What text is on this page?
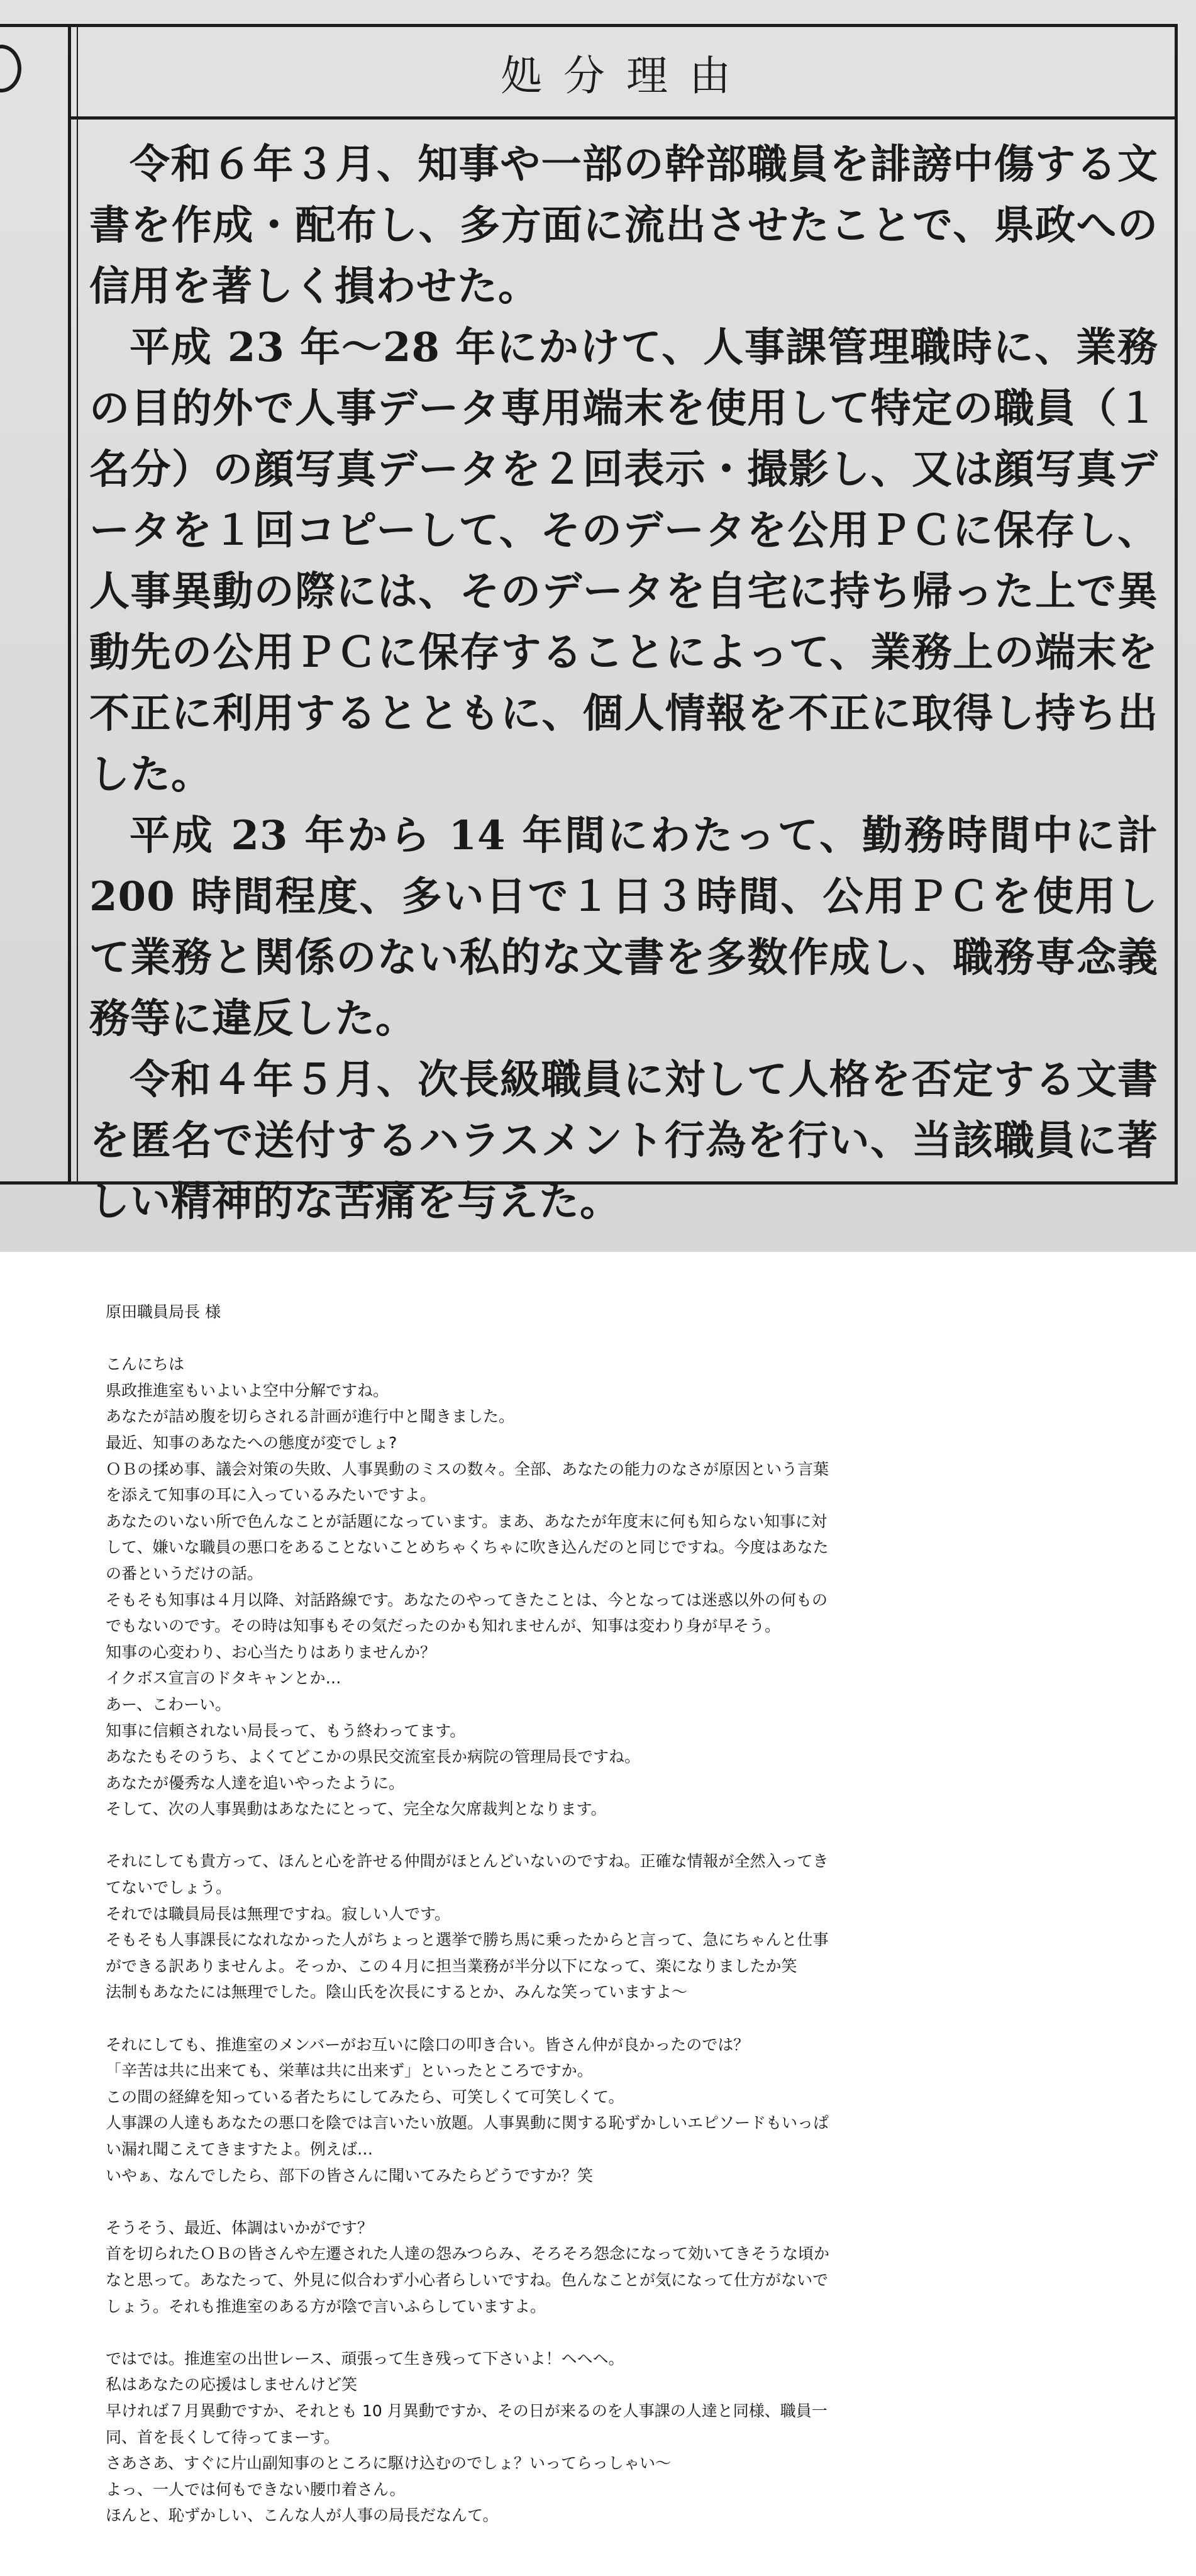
処分理由

令和６年３月、知事や一部の幹部職員を誹謗中傷する文書を作成・配布し、多方面に流出させたことで、県政への信用を著しく損わせた。

平成 23 年～28 年にかけて、人事課管理職時に、業務の目的外で人事データ専用端末を使用して特定の職員（１名分）の顔写真データを２回表示・撮影し、又は顔写真データを１回コピーして、そのデータを公用ＰＣに保存し、人事異動の際には、そのデータを自宅に持ち帰った上で異動先の公用ＰＣに保存することによって、業務上の端末を不正に利用するとともに、個人情報を不正に取得し持ち出した。

平成 23 年から 14 年間にわたって、勤務時間中に計 200 時間程度、多い日で１日３時間、公用ＰＣを使用して業務と関係のない私的な文書を多数作成し、職務専念義務等に違反した。

令和４年５月、次長級職員に対して人格を否定する文書を匿名で送付するハラスメント行為を行い、当該職員に著しい精神的な苦痛を与えた。

原田職員局長 様
こんにちは
県政推進室もいよいよ空中分解ですね。
あなたが詰め腹を切らされる計画が進行中と聞きました。
最近、知事のあなたへの態度が変でしょ?
ＯＢの揉め事、議会対策の失敗、人事異動のミスの数々。全部、あなたの能力のなさが原因という言葉
を添えて知事の耳に入っているみたいですよ。
あなたのいない所で色んなことが話題になっています。まあ、あなたが年度末に何も知らない知事に対
して、嫌いな職員の悪口をあることないことめちゃくちゃに吹き込んだのと同じですね。今度はあなた
の番というだけの話。
そもそも知事は４月以降、対話路線です。あなたのやってきたことは、今となっては迷惑以外の何もの
でもないのです。その時は知事もその気だったのかも知れませんが、知事は変わり身が早そう。
知事の心変わり、お心当たりはありませんか？
イクボス宣言のドタキャンとか…
あー、こわーい。
知事に信頼されない局長って、もう終わってます。
あなたもそのうち、よくてどこかの県民交流室長か病院の管理局長ですね。
あなたが優秀な人達を追いやったように。
そして、次の人事異動はあなたにとって、完全な欠席裁判となります。
それにしても貴方って、ほんと心を許せる仲間がほとんどいないのですね。正確な情報が全然入ってき
てないでしょう。
それでは職員局長は無理ですね。寂しい人です。
そもそも人事課長になれなかった人がちょっと選挙で勝ち馬に乗ったからと言って、急にちゃんと仕事
ができる訳ありませんよ。そっか、この４月に担当業務が半分以下になって、楽になりましたか笑
法制もあなたには無理でした。陰山氏を次長にするとか、みんな笑っていますよ〜
それにしても、推進室のメンバーがお互いに陰口の叩き合い。皆さん仲が良かったのでは？
「辛苦は共に出来ても、栄華は共に出来ず」といったところですか。
この間の経緯を知っている者たちにしてみたら、可笑しくて可笑しくて。
人事課の人達もあなたの悪口を陰では言いたい放題。人事異動に関する恥ずかしいエピソードもいっぱ
い漏れ聞こえてきますたよ。例えば…
いやぁ、なんでしたら、部下の皆さんに聞いてみたらどうですか？笑
そうそう、最近、体調はいかがです？
首を切られたＯＢの皆さんや左遷された人達の怨みつらみ、そろそろ怨念になって効いてきそうな頃か
なと思って。あなたって、外見に似合わず小心者らしいですね。色んなことが気になって仕方がないで
しょう。それも推進室のある方が陰で言いふらしていますよ。
ではでは。推進室の出世レース、頑張って生き残って下さいよ！ヘヘヘ。
私はあなたの応援はしませんけど笑
早ければ７月異動ですか、それとも 10 月異動ですか、その日が来るのを人事課の人達と同様、職員一
同、首を長くして待ってまーす。
さあさあ、すぐに片山副知事のところに駆け込むのでしょ？いってらっしゃい〜
よっ、一人では何もできない腰巾着さん。
ほんと、恥ずかしい、こんな人が人事の局長だなんて。
